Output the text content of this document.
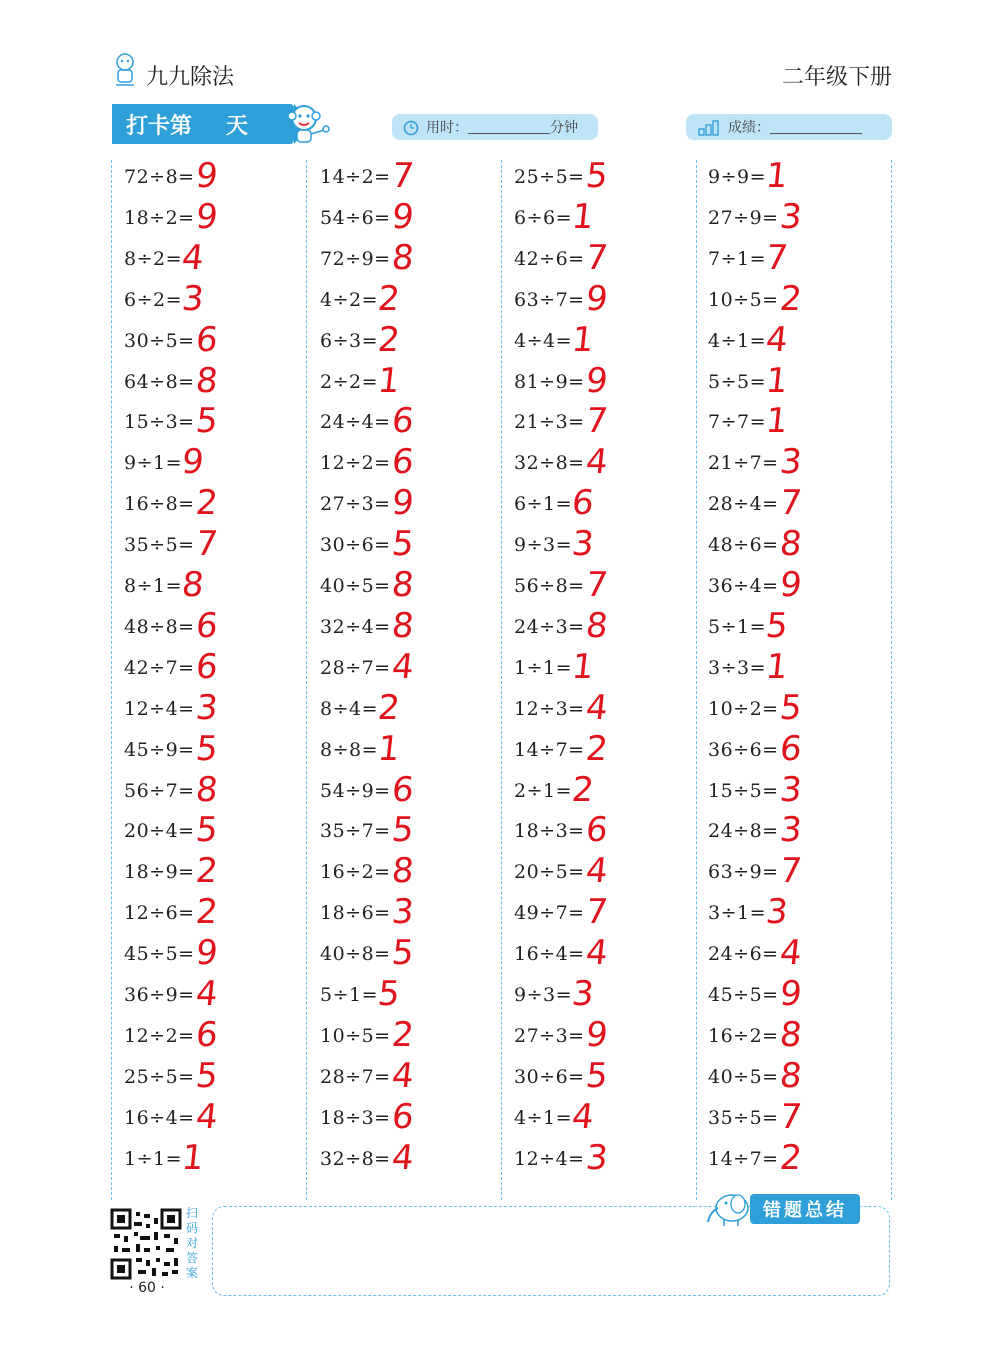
九九除法	二年级下册
打卡第 天	用时：	分钟	成绩：
72÷8=
9
18÷2=
9
8÷2=
4
6÷2=
3
30÷5=
6
64÷8=
8
15÷3=
5
9÷1=
9
16÷8=
2
35÷5=
7
8÷1=
8
48÷8=
6
42÷7=
6
12÷4=
3
45÷9=
5
56÷7=
8
20÷4=
5
18÷9=
2
12÷6=
2
45÷5=
9
36÷9=
4
12÷2=
6
25÷5=
5
16÷4=
4
1÷1=
1
14÷2=
7
54÷6=
9
72÷9=
8
4÷2=
2
6÷3=
2
2÷2=
1
24÷4=
6
12÷2=
6
27÷3=
9
30÷6=
5
40÷5=
8
32÷4=
8
28÷7=
4
8÷4=
2
8÷8=
1
54÷9=
6
35÷7=
5
16÷2=
8
18÷6=
3
40÷8=
5
5÷1=
5
10÷5=
2
28÷7=
4
18÷3=
6
32÷8=
4
25÷5=
5
6÷6=
1
42÷6=
7
63÷7=
9
4÷4=
1
81÷9=
9
21÷3=
7
32÷8=
4
6÷1=
6
9÷3=
3
56÷8=
7
24÷3=
8
1÷1=
1
12÷3=
4
14÷7=
2
2÷1=
2
18÷3=
6
20÷5=
4
49÷7=
7
16÷4=
4
9÷3=
3
27÷3=
9
30÷6=
5
4÷1=
4
12÷4=
3
9÷9=
1
27÷9=
3
7÷1=
7
10÷5=
2
4÷1=
4
5÷5=
1
7÷7=
1
21÷7=
3
28÷4=
7
48÷6=
8
36÷4=
9
5÷1=
5
3÷3=
1
10÷2=
5
36÷6=
6
15÷5=
3
24÷8=
3
63÷9=
7
3÷1=
3
24÷6=
4
45÷5=
9
16÷2=
8
40÷5=
8
35÷5=
7
14÷7=
2
扫码对答案
· 60 ·
错题总结
